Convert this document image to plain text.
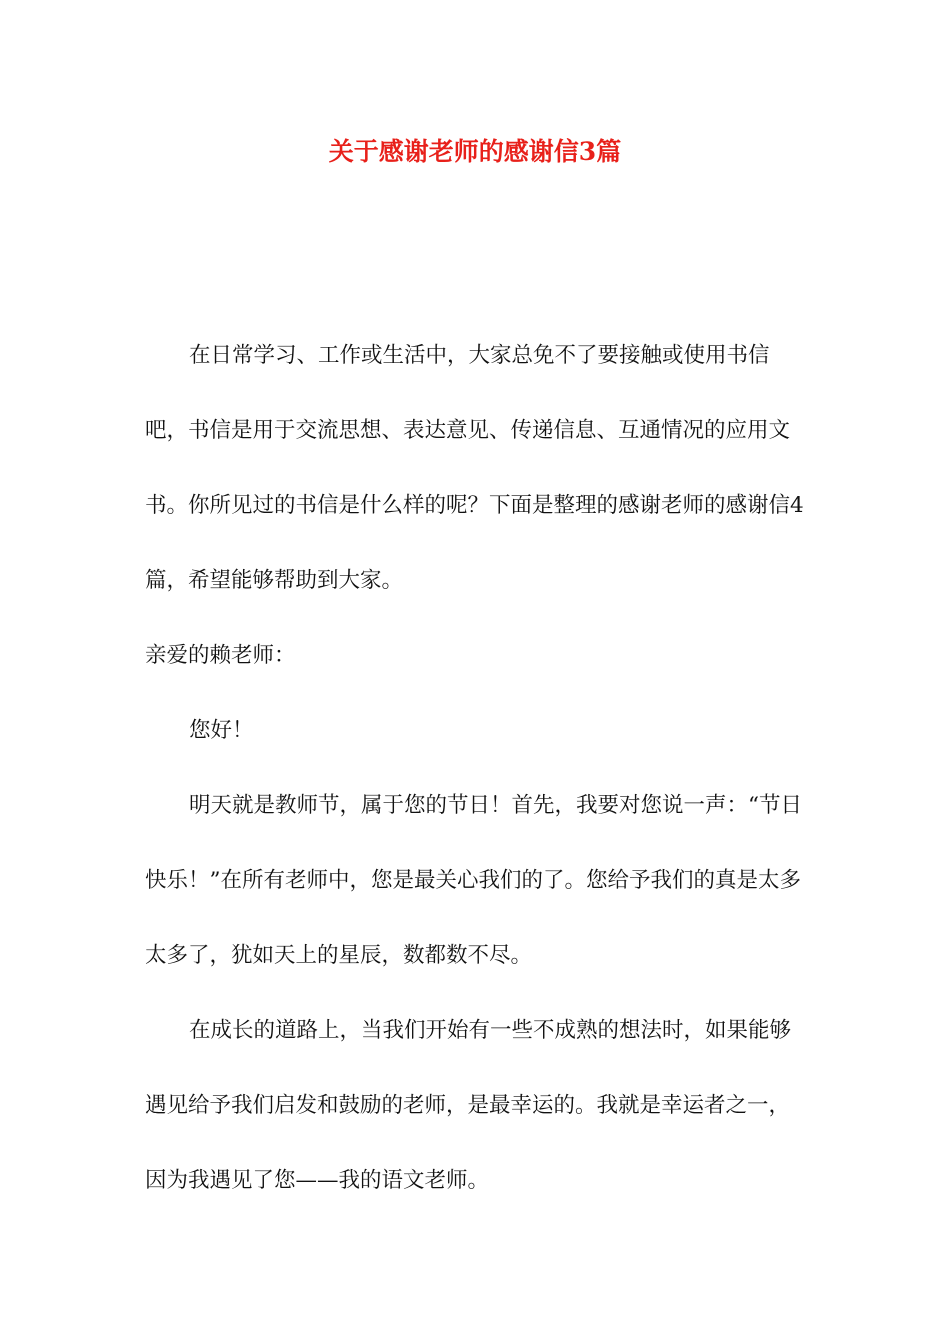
关于感谢老师的感谢信3篇

在日常学习、工作或生活中，大家总免不了要接触或使用书信吧，书信是用于交流思想、表达意见、传递信息、互通情况的应用文书。你所见过的书信是什么样的呢？下面是整理的感谢老师的感谢信4篇，希望能够帮助到大家。

亲爱的赖老师：

您好！

明天就是教师节，属于您的节日！首先，我要对您说一声：“节日快乐！”在所有老师中，您是最关心我们的了。您给予我们的真是太多太多了，犹如天上的星辰，数都数不尽。

在成长的道路上，当我们开始有一些不成熟的想法时，如果能够遇见给予我们启发和鼓励的老师，是最幸运的。我就是幸运者之一，因为我遇见了您——我的语文老师。
